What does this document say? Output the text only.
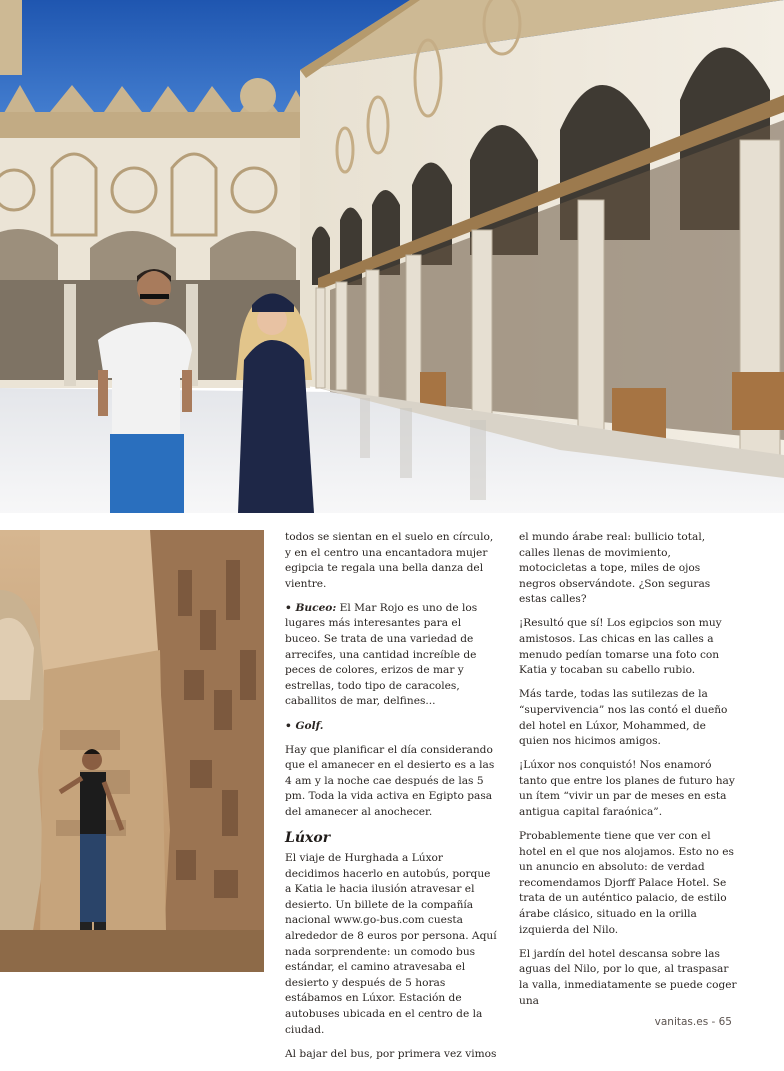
todos se sientan en el suelo en círculo, y en el centro una encantadora mujer egipcia te regala una bella danza del vientre.

• Buceo: El Mar Rojo es uno de los lugares más interesantes para el buceo. Se trata de una variedad de arrecifes, una cantidad increíble de peces de colores, erizos de mar y estrellas, todo tipo de caracoles, caballitos de mar, delfines...

• Golf.

Hay que planificar el día considerando que el amanecer en el desierto es a las 4 am y la noche cae después de las 5 pm. Toda la vida activa en Egipto pasa del amanecer al anochecer.

Lúxor

El viaje de Hurghada a Lúxor decidimos hacerlo en autobús, porque a Katia le hacia ilusión atravesar el desierto. Un billete de la compañía nacional www.go-bus.com cuesta alrededor de 8 euros por persona. Aquí nada sorprendente: un comodo bus estándar, el camino atravesaba el desierto y después de 5 horas estábamos en Lúxor. Estación de autobuses ubicada en el centro de la ciudad.

Al bajar del bus, por primera vez vimos

el mundo árabe real: bullicio total, calles llenas de movimiento, motocicletas a tope, miles de ojos negros observándote. ¿Son seguras estas calles?

¡Resultó que sí! Los egipcios son muy amistosos. Las chicas en las calles a menudo pedían tomarse una foto con Katia y tocaban su cabello rubio.

Más tarde, todas las sutilezas de la “supervivencia” nos las contó el dueño del hotel en Lúxor, Mohammed, de quien nos hicimos amigos.

¡Lúxor nos conquistó! Nos enamoró tanto que entre los planes de futuro hay un ítem “vivir un par de meses en esta antigua capital faraónica”.

Probablemente tiene que ver con el hotel en el que nos alojamos. Esto no es un anuncio en absoluto: de verdad recomendamos Djorff Palace Hotel. Se trata de un auténtico palacio, de estilo árabe clásico, situado en la orilla izquierda del Nilo.

El jardín del hotel descansa sobre las aguas del Nilo, por lo que, al traspasar la valla, inmediatamente se puede coger una

vanitas.es - 65
